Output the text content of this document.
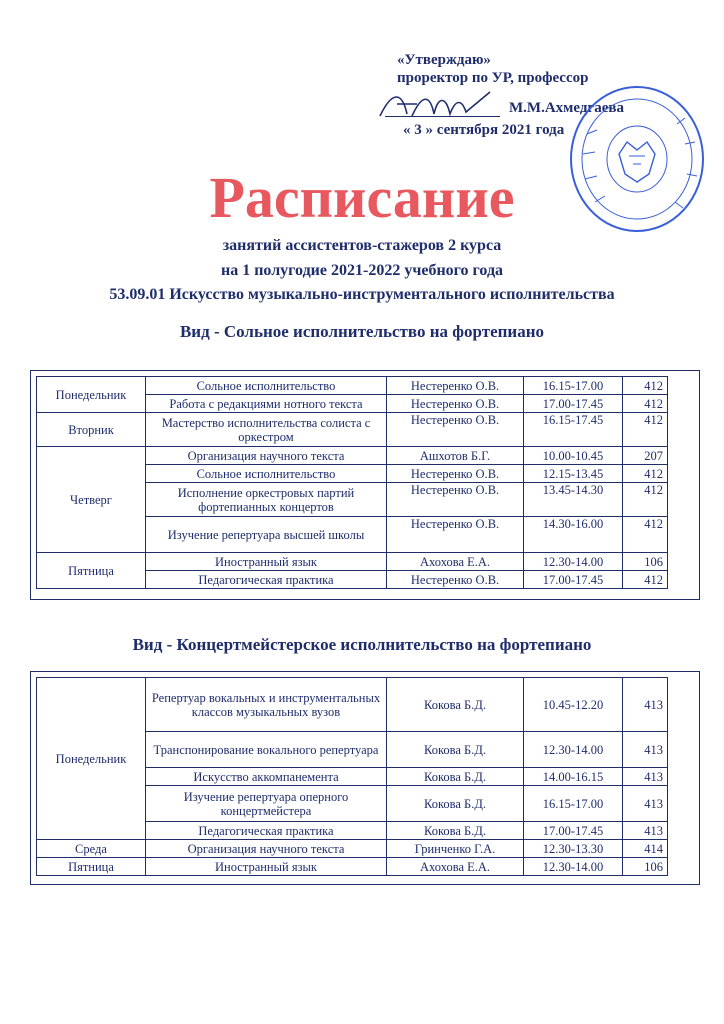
«Утверждаю»
проректор по УР, профессор
М.М.Ахмедгаева
« 3 » сентября 2021 года
Расписание
занятий ассистентов-стажеров 2 курса
на 1 полугодие 2021-2022 учебного года
53.09.01 Искусство музыкально-инструментального исполнительства
Вид - Сольное исполнительство на фортепиано
Понедельник	Сольное исполнительство	Нестеренко О.В.	16.15-17.00	412
	Работа с редакциями нотного текста	Нестеренко О.В.	17.00-17.45	412
Вторник	Мастерство исполнительства солиста с оркестром	Нестеренко О.В.	16.15-17.45	412
Четверг	Организация научного текста	Ашхотов Б.Г.	10.00-10.45	207
	Сольное исполнительство	Нестеренко О.В.	12.15-13.45	412
	Исполнение оркестровых партий фортепианных концертов	Нестеренко О.В.	13.45-14.30	412
	Изучение репертуара высшей школы	Нестеренко О.В.	14.30-16.00	412
Пятница	Иностранный язык	Ахохова Е.А.	12.30-14.00	106
	Педагогическая практика	Нестеренко О.В.	17.00-17.45	412
Вид - Концертмейстерское исполнительство на фортепиано
Понедельник	Репертуар вокальных и инструментальных классов музыкальных вузов	Кокова Б.Д.	10.45-12.20	413
	Транспонирование вокального репертуара	Кокова Б.Д.	12.30-14.00	413
	Искусство аккомпанемента	Кокова Б.Д.	14.00-16.15	413
	Изучение репертуара оперного концертмейстера	Кокова Б.Д.	16.15-17.00	413
	Педагогическая практика	Кокова Б.Д.	17.00-17.45	413
Среда	Организация научного текста	Гринченко Г.А.	12.30-13.30	414
Пятница	Иностранный язык	Ахохова Е.А.	12.30-14.00	106
